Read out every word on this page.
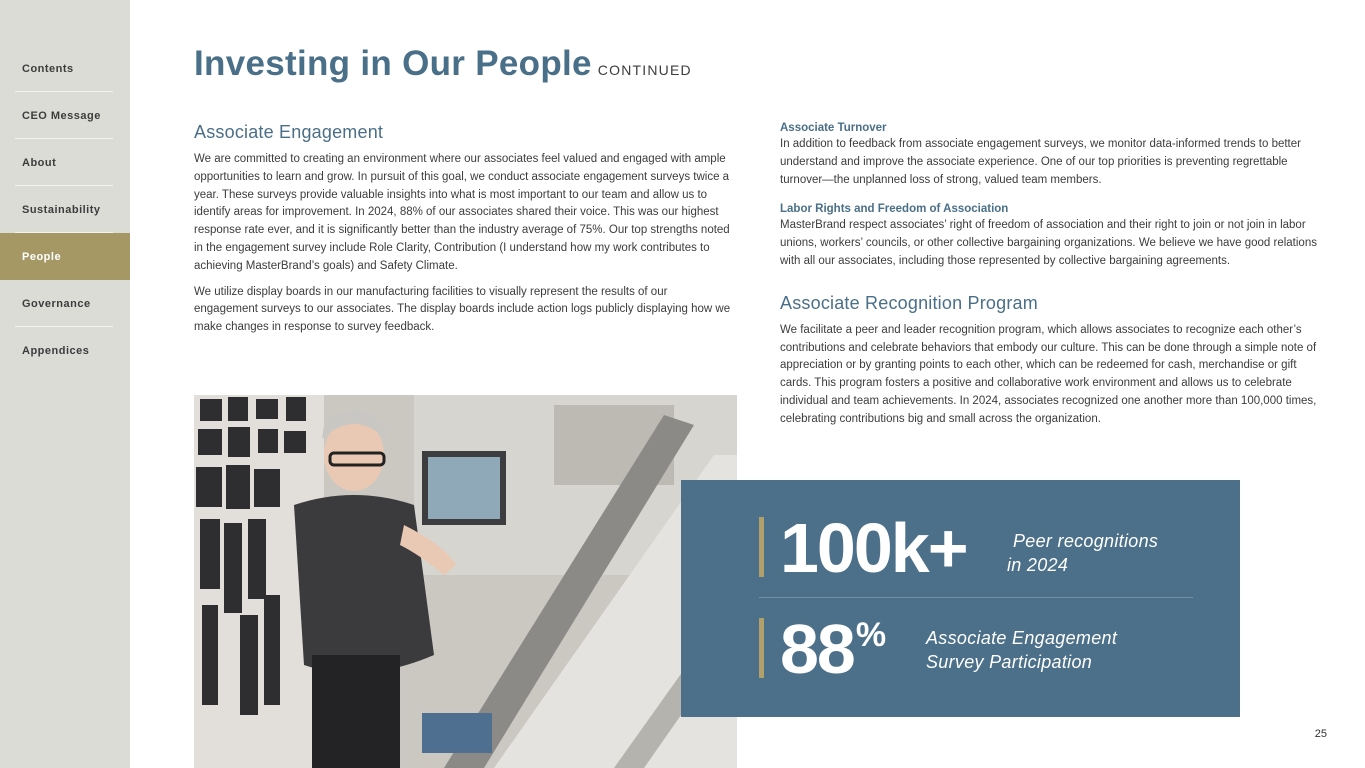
Contents
CEO Message
About
Sustainability
People
Governance
Appendices
Investing in Our People CONTINUED
Associate Engagement

We are committed to creating an environment where our associates feel valued and engaged with ample opportunities to learn and grow. In pursuit of this goal, we conduct associate engagement surveys twice a year. These surveys provide valuable insights into what is most important to our team and allow us to identify areas for improvement. In 2024, 88% of our associates shared their voice. This was our highest response rate ever, and it is significantly better than the industry average of 75%. Our top strengths noted in the engagement survey include Role Clarity, Contribution (I understand how my work contributes to achieving MasterBrand’s goals) and Safety Climate.

We utilize display boards in our manufacturing facilities to visually represent the results of our engagement surveys to our associates. The display boards include action logs publicly displaying how we make changes in response to survey feedback.

Associate Turnover

In addition to feedback from associate engagement surveys, we monitor data-informed trends to better understand and improve the associate experience. One of our top priorities is preventing regrettable turnover—the unplanned loss of strong, valued team members.

Labor Rights and Freedom of Association

MasterBrand respect associates’ right of freedom of association and their right to join or not join in labor unions, workers’ councils, or other collective bargaining organizations. We believe we have good relations with all our associates, including those represented by collective bargaining agreements.

Associate Recognition Program

We facilitate a peer and leader recognition program, which allows associates to recognize each other’s contributions and celebrate behaviors that embody our culture. This can be done through a simple note of appreciation or by granting points to each other, which can be redeemed for cash, merchandise or gift cards. This program fosters a positive and collaborative work environment and allows us to celebrate individual and team achievements. In 2024, associates recognized one another more than 100,000 times, celebrating contributions big and small across the organization.

100k+	Peer recognitions
in 2024
88% Associate Engagement
Survey Participation
25
